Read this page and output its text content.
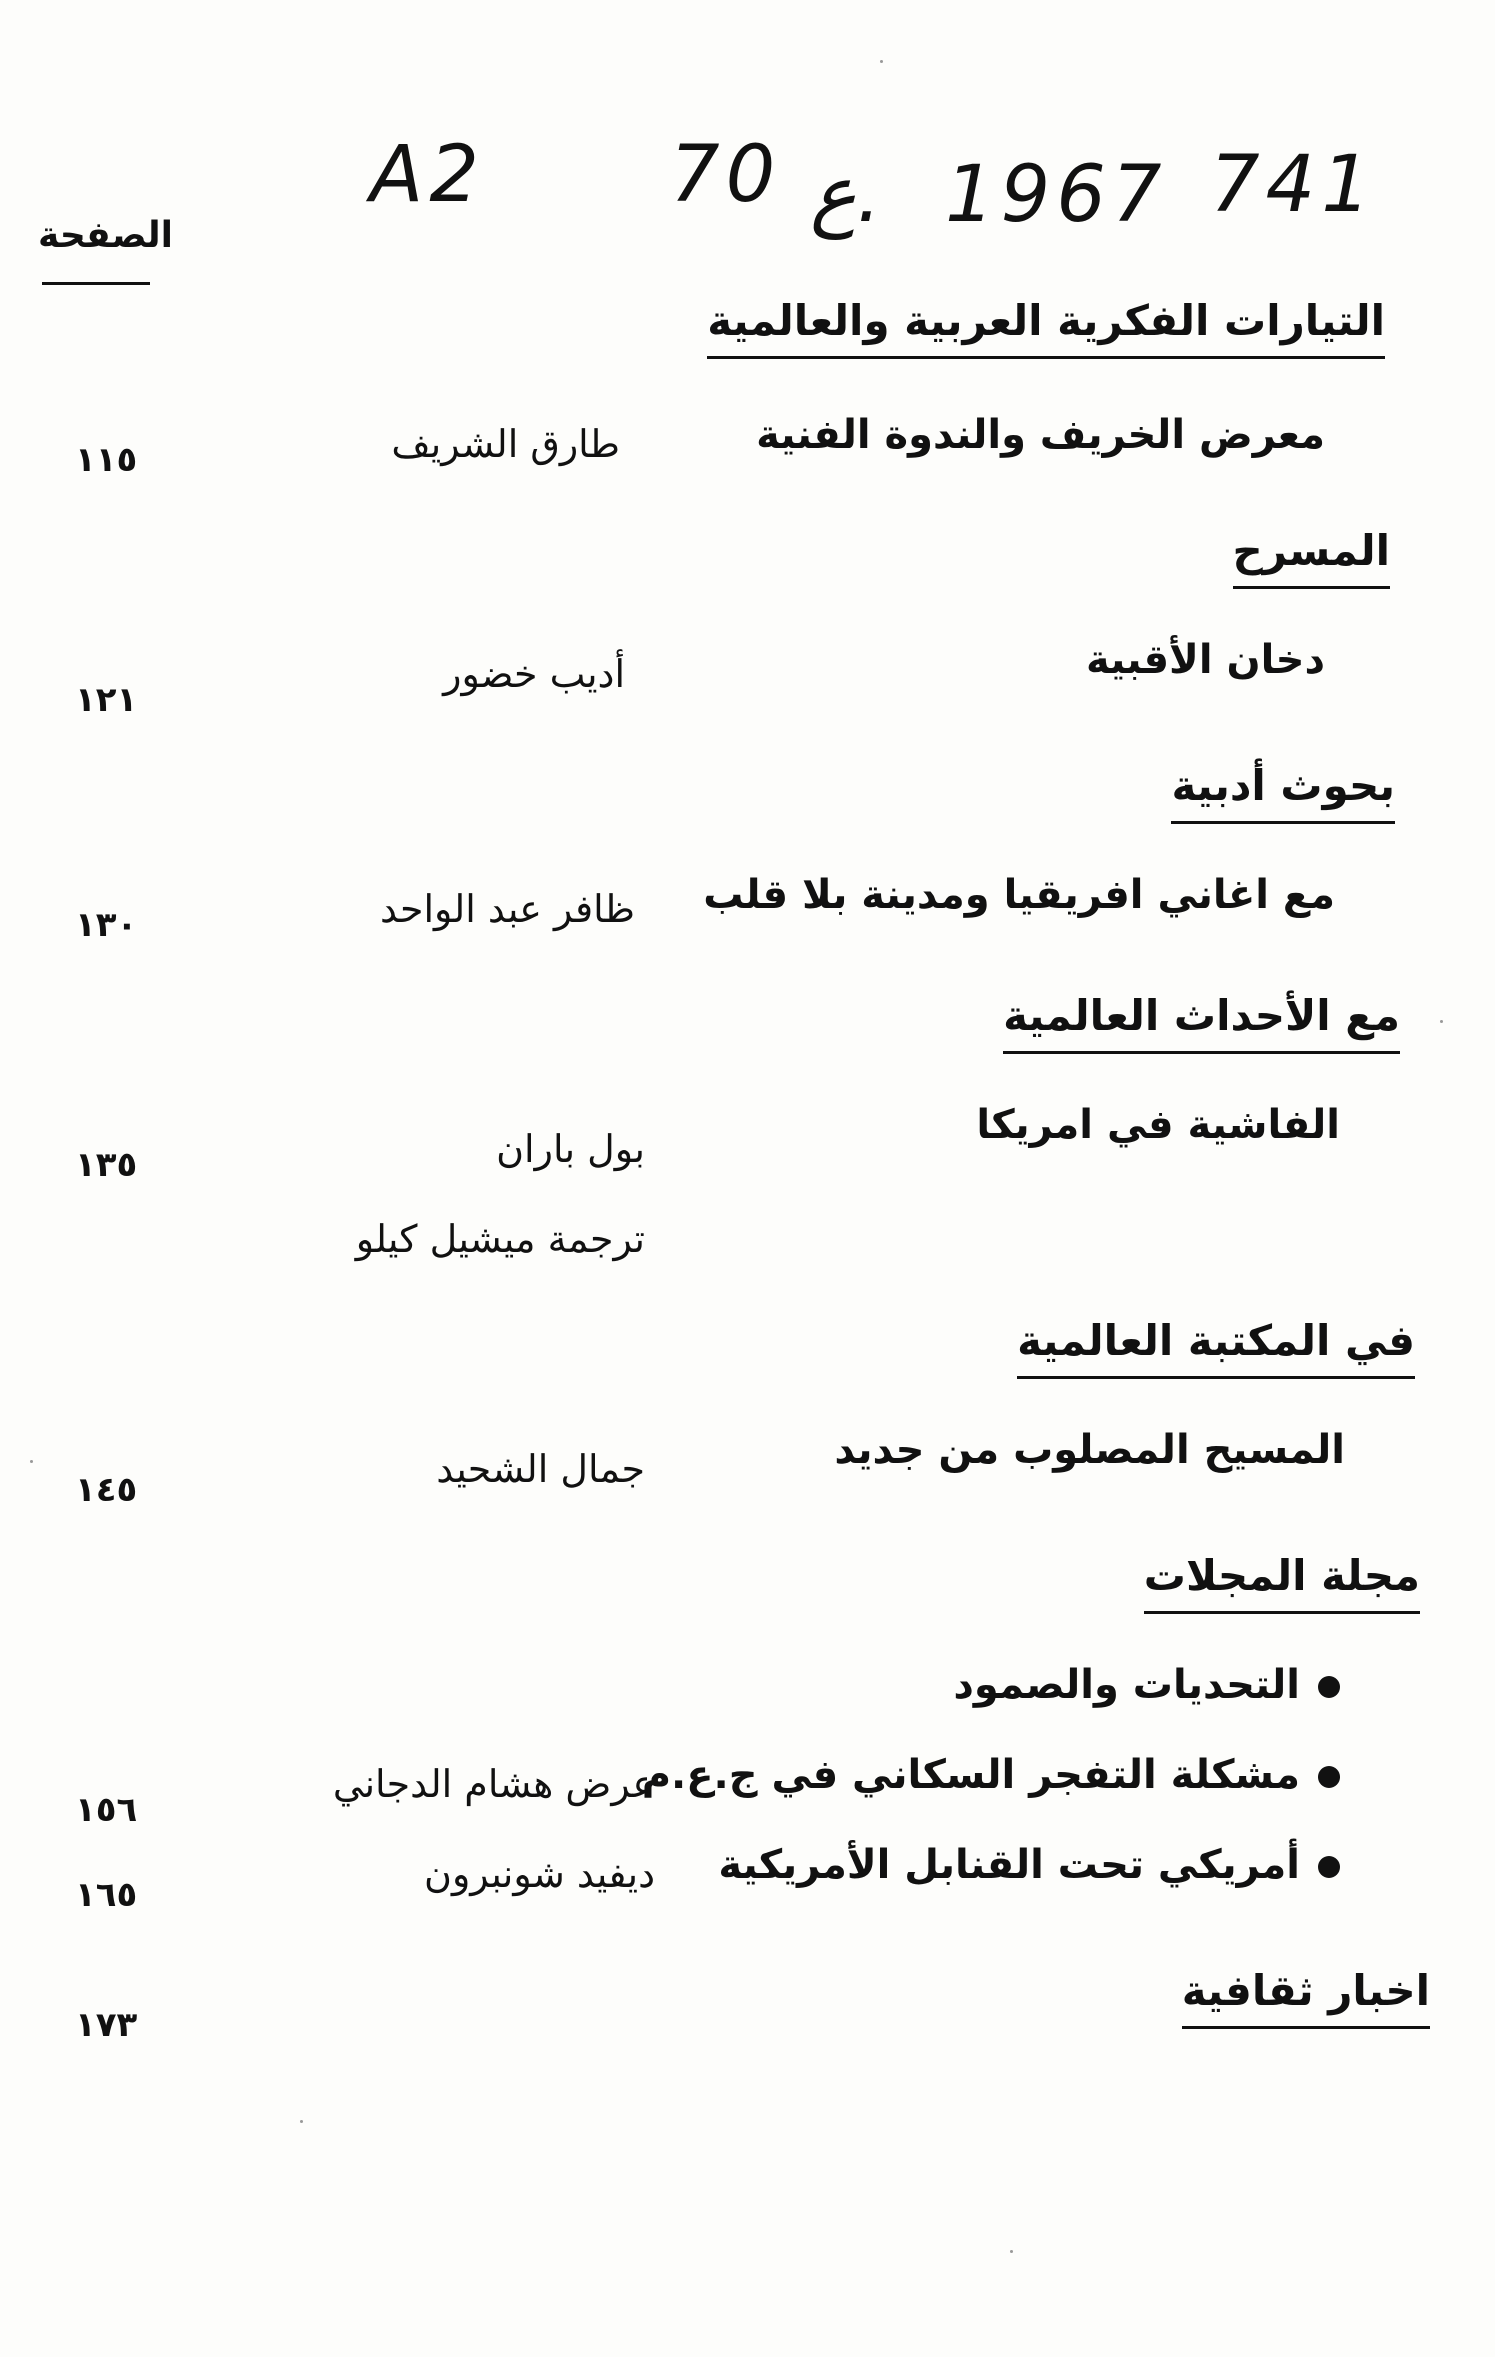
A2 70 ع. 1967 741
الصفحة
التيارات الفكرية العربية والعالمية
معرض الخريف والندوة الفنية
طارق الشريف
١١٥
المسرح
دخان الأقبية
أديب خضور
١٢١
بحوث أدبية
مع اغاني افريقيا ومدينة بلا قلب
ظافر عبد الواحد
١٣٠
مع الأحداث العالمية
الفاشية في امريكا
بول باران
١٣٥
ترجمة ميشيل كيلو
في المكتبة العالمية
المسيح المصلوب من جديد
جمال الشحيد
١٤٥
مجلة المجلات
التحديات والصمود
مشكلة التفجر السكاني في ج.ع.م
عرض هشام الدجاني
١٥٦
أمريكي تحت القنابل الأمريكية
ديفيد شونبرون
١٦٥
اخبار ثقافية
١٧٣
